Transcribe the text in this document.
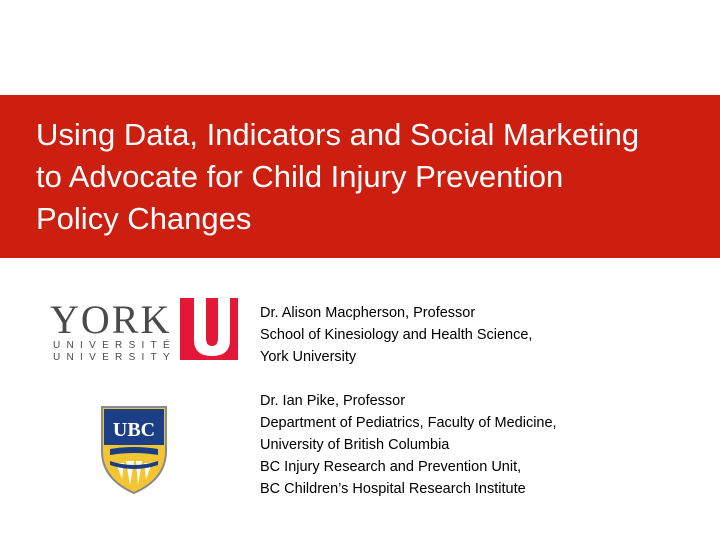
Using Data, Indicators and Social Marketing
to Advocate for Child Injury Prevention
Policy Changes
YORK
UNIVERSITÉ
UNIVERSITY
UBC
Dr. Alison Macpherson, Professor
School of Kinesiology and Health Science,
York University
Dr. Ian Pike, Professor
Department of Pediatrics, Faculty of Medicine,
University of British Columbia
BC Injury Research and Prevention Unit,
BC Children’s Hospital Research Institute
